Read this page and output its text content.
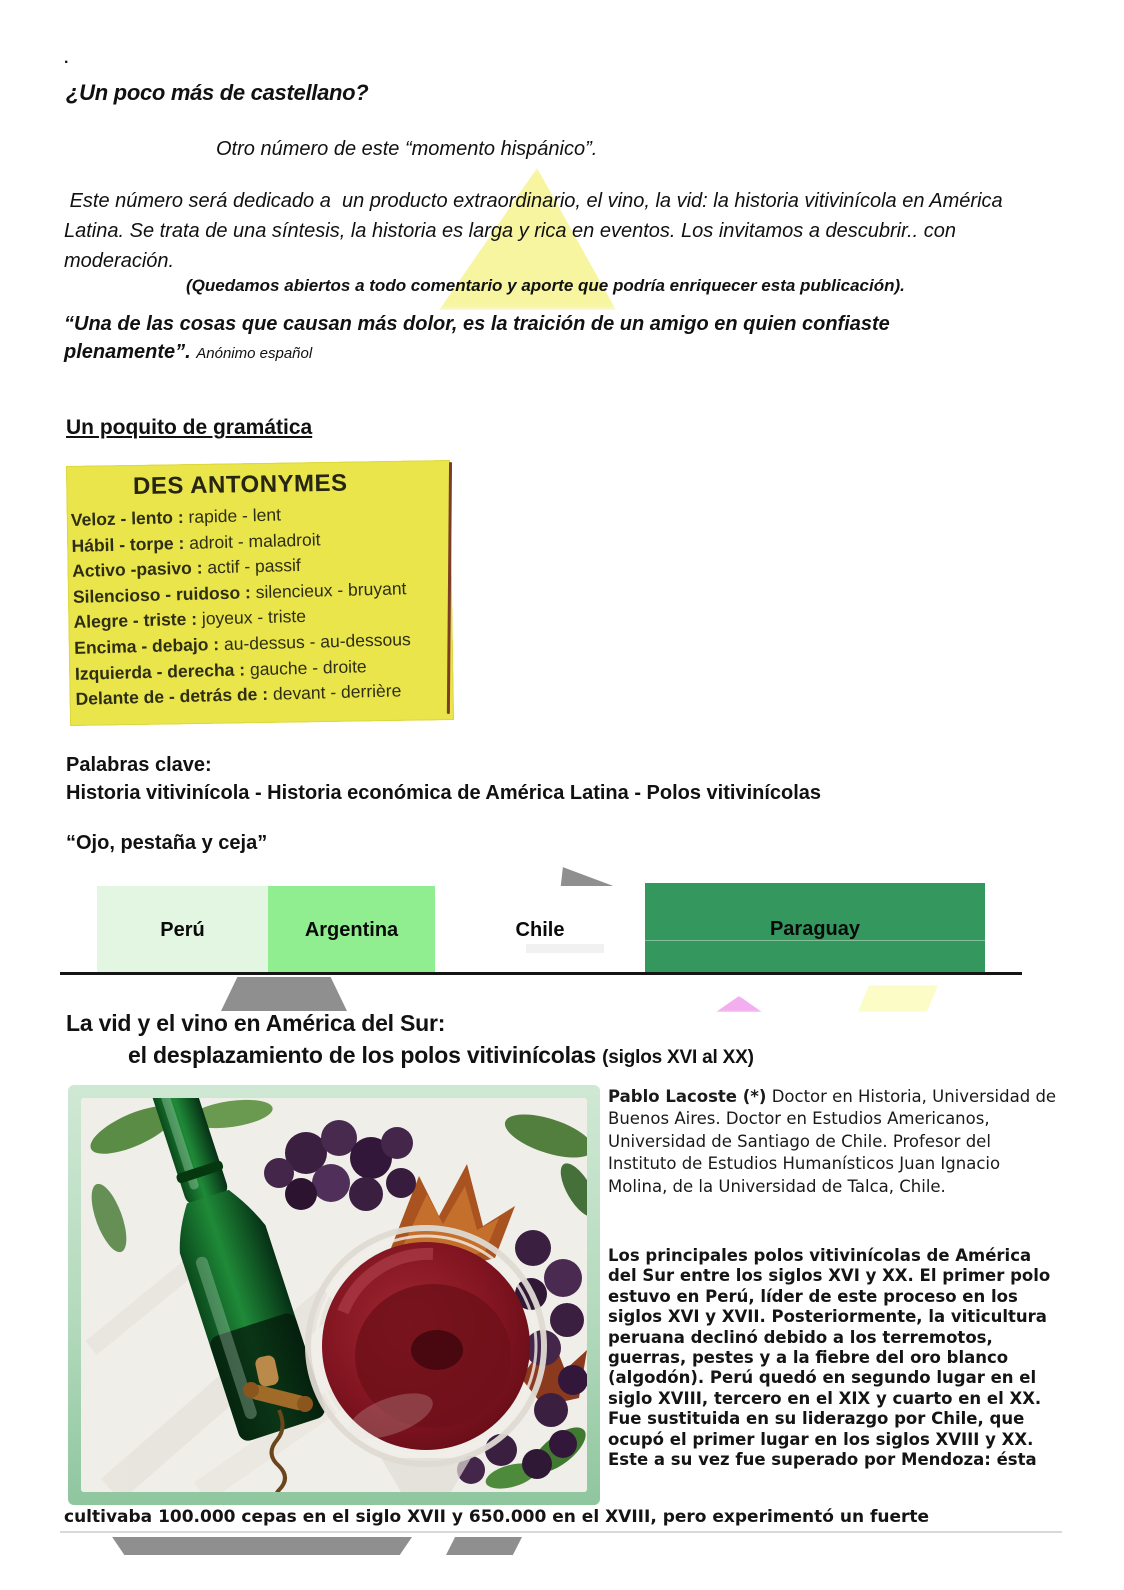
.
¿Un poco más de castellano?
Otro número de este “momento hispánico”.
Este número será dedicado a  un producto extraordinario, el vino, la vid: la historia vitivinícola en América Latina. Se trata de una síntesis, la historia es larga y rica en eventos. Los invitamos a descubrir.. con moderación.
(Quedamos abiertos a todo comentario y aporte que podría enriquecer esta publicación).
“Una de las cosas que causan más dolor, es la traición de un amigo en quien confiaste plenamente”. Anónimo español
Un poquito de gramática
DES ANTONYMES
Veloz - lento : rapide - lent
Hábil - torpe : adroit - maladroit
Activo -pasivo : actif - passif
Silencioso - ruidoso : silencieux - bruyant
Alegre - triste : joyeux - triste
Encima - debajo : au-dessus - au-dessous
Izquierda - derecha : gauche - droite
Delante de - detrás de : devant - derrière
Palabras clave:
Historia vitivinícola - Historia económica de América Latina - Polos vitivinícolas
“Ojo, pestaña y ceja”
Perú	Argentina	Chile	Paraguay
La vid y el vino en América del Sur:
el desplazamiento de los polos vitivinícolas (siglos XVI al XX)
Pablo Lacoste (*) Doctor en Historia, Universidad de Buenos Aires. Doctor en Estudios Americanos, Universidad de Santiago de Chile. Profesor del Instituto de Estudios Humanísticos Juan Ignacio Molina, de la Universidad de Talca, Chile.
Los principales polos vitivinícolas de América del Sur entre los siglos XVI y XX. El primer polo estuvo en Perú, líder de este proceso en los siglos XVI y XVII. Posteriormente, la viticultura peruana declinó debido a los terremotos, guerras, pestes y a la fiebre del oro blanco (algodón). Perú quedó en segundo lugar en el siglo XVIII, tercero en el XIX y cuarto en el XX. Fue sustituida en su liderazgo por Chile, que ocupó el primer lugar en los siglos XVIII y XX. Este a su vez fue superado por Mendoza: ésta
cultivaba 100.000 cepas en el siglo XVII y 650.000 en el XVIII, pero experimentó un fuerte
